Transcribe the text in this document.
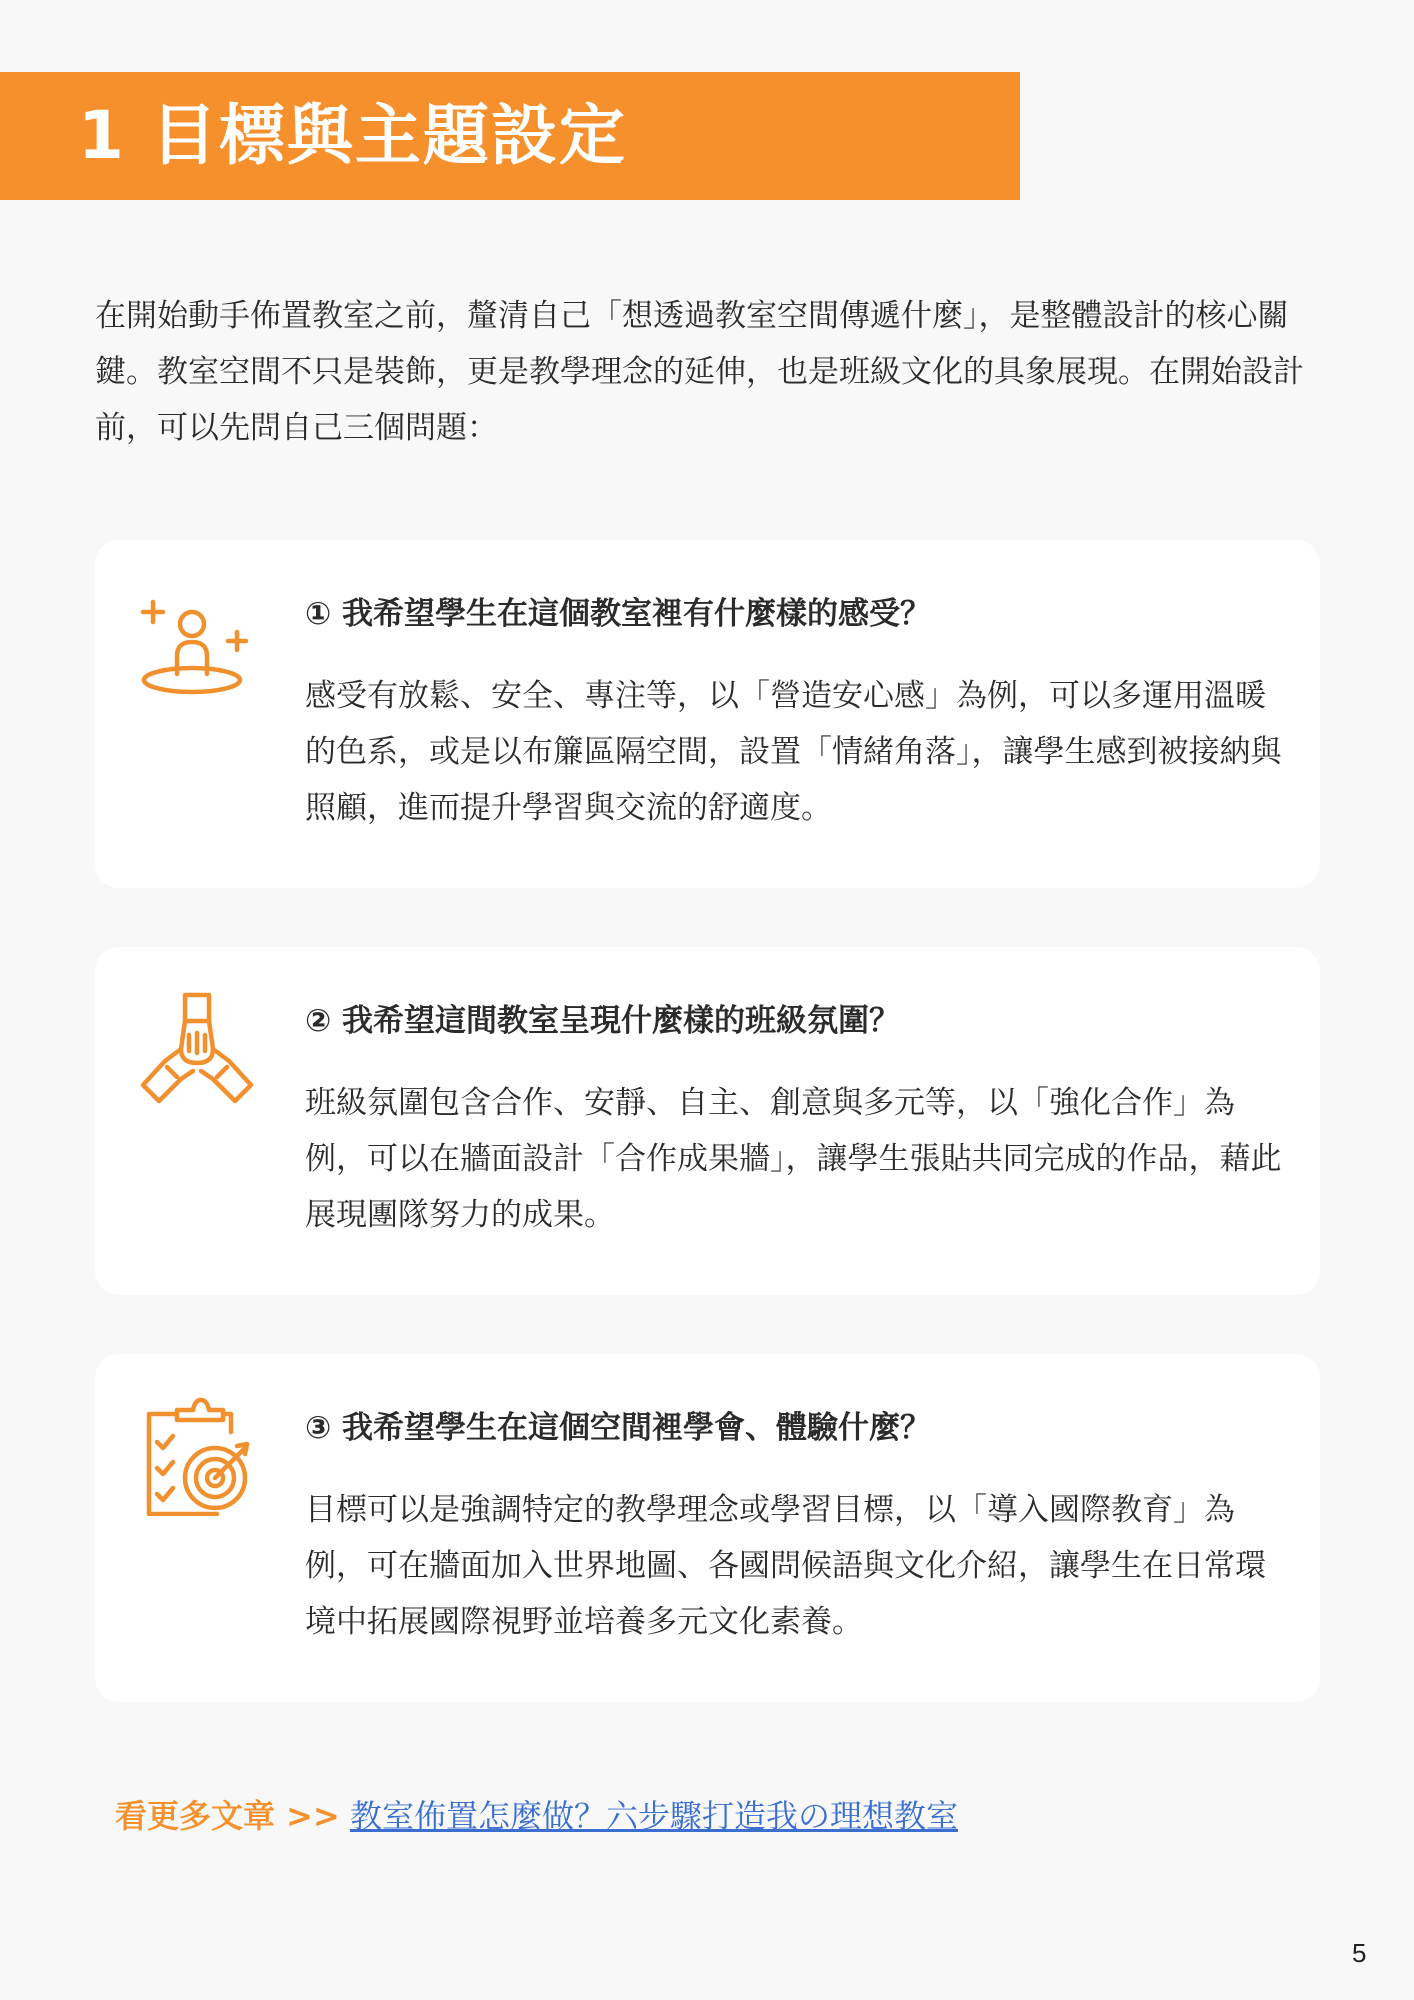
1 目標與主題設定

在開始動手佈置教室之前，釐清自己「想透過教室空間傳遞什麼」，是整體設計的核心關鍵。教室空間不只是裝飾，更是教學理念的延伸，也是班級文化的具象展現。在開始設計前，可以先問自己三個問題：

① 我希望學生在這個教室裡有什麼樣的感受？

感受有放鬆、安全、專注等，以「營造安心感」為例，可以多運用溫暖的色系，或是以布簾區隔空間，設置「情緒角落」，讓學生感到被接納與照顧，進而提升學習與交流的舒適度。

② 我希望這間教室呈現什麼樣的班級氛圍？

班級氛圍包含合作、安靜、自主、創意與多元等，以「強化合作」為例，可以在牆面設計「合作成果牆」，讓學生張貼共同完成的作品，藉此展現團隊努力的成果。

③ 我希望學生在這個空間裡學會、體驗什麼？

目標可以是強調特定的教學理念或學習目標，以「導入國際教育」為例，可在牆面加入世界地圖、各國問候語與文化介紹，讓學生在日常環境中拓展國際視野並培養多元文化素養。

看更多文章 >> 教室佈置怎麼做？六步驟打造我の理想教室
5
